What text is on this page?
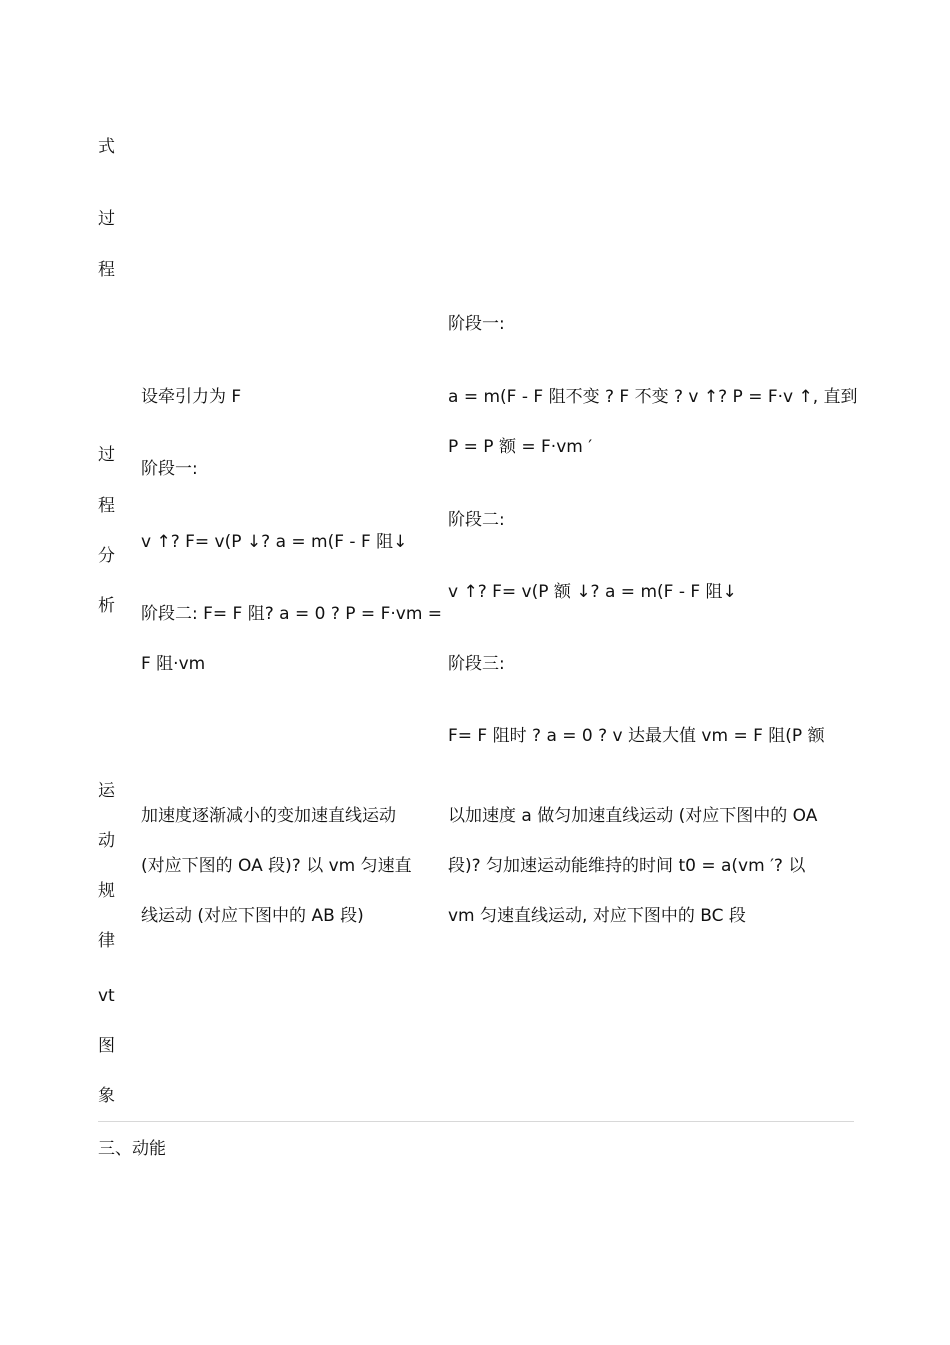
式
过
程
过
程
分
析
运
动
规
律
vt
图
象
设牵引力为 F
阶段一:
v ↑? F= v(P ↓? a = m(F - F 阻↓
阶段二: F= F 阻? a = 0 ? P = F·vm =
F 阻·vm
加速度逐渐减小的变加速直线运动
(对应下图的 OA 段)? 以 vm 匀速直
线运动 (对应下图中的 AB 段)
阶段一:
a = m(F - F 阻不变 ? F 不变 ? v ↑? P = F·v ↑, 直到
P = P 额 = F·vm ′
阶段二:
v ↑? F= v(P 额 ↓? a = m(F - F 阻↓
阶段三:
F= F 阻时 ? a = 0 ? v 达最大值 vm = F 阻(P 额
以加速度 a 做匀加速直线运动 (对应下图中的 OA
段)? 匀加速运动能维持的时间 t0 = a(vm ′? 以
vm 匀速直线运动, 对应下图中的 BC 段
三、动能
